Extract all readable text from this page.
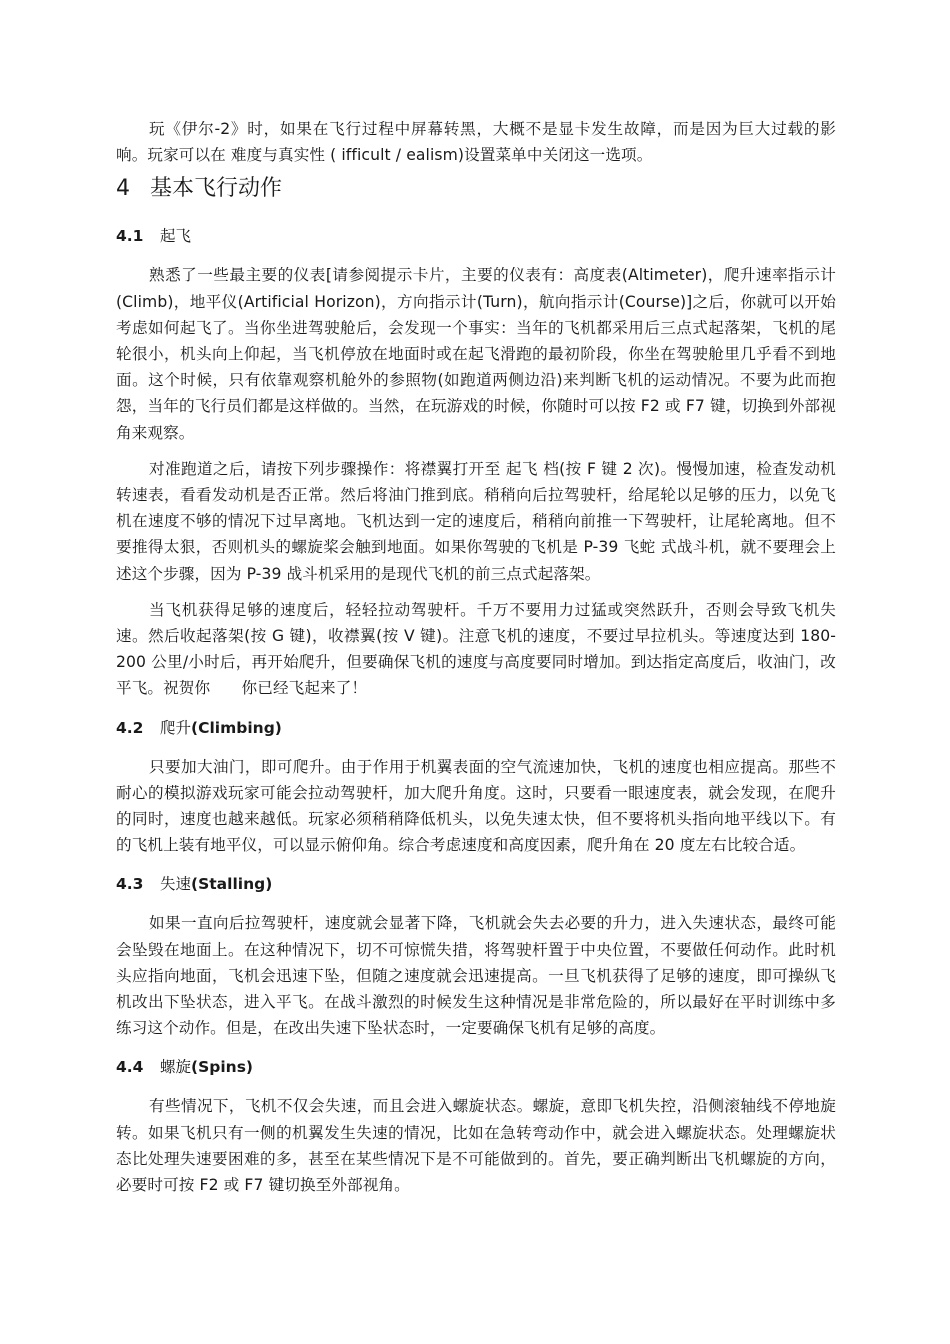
玩《伊尔-2》时，如果在飞行过程中屏幕转黑，大概不是显卡发生故障，而是因为巨大过载的影响。玩家可以在 难度与真实性 ( ifficult / ealism)设置菜单中关闭这一选项。

4 基本飞行动作
4.1 起飞

熟悉了一些最主要的仪表[请参阅提示卡片，主要的仪表有：高度表(Altimeter)，爬升速率指示计(Climb)，地平仪(Artificial Horizon)，方向指示计(Turn)，航向指示计(Course)]之后，你就可以开始考虑如何起飞了。当你坐进驾驶舱后，会发现一个事实：当年的飞机都采用后三点式起落架，飞机的尾轮很小，机头向上仰起，当飞机停放在地面时或在起飞滑跑的最初阶段，你坐在驾驶舱里几乎看不到地面。这个时候，只有依靠观察机舱外的参照物(如跑道两侧边沿)来判断飞机的运动情况。不要为此而抱怨，当年的飞行员们都是这样做的。当然，在玩游戏的时候，你随时可以按 F2 或 F7 键，切换到外部视角来观察。

对准跑道之后，请按下列步骤操作：将襟翼打开至 起飞 档(按 F 键 2 次)。慢慢加速，检查发动机转速表，看看发动机是否正常。然后将油门推到底。稍稍向后拉驾驶杆，给尾轮以足够的压力，以免飞机在速度不够的情况下过早离地。飞机达到一定的速度后，稍稍向前推一下驾驶杆，让尾轮离地。但不要推得太狠，否则机头的螺旋桨会触到地面。如果你驾驶的飞机是 P-39 飞蛇 式战斗机，就不要理会上述这个步骤，因为 P-39 战斗机采用的是现代飞机的前三点式起落架。

当飞机获得足够的速度后，轻轻拉动驾驶杆。千万不要用力过猛或突然跃升，否则会导致飞机失速。然后收起落架(按 G 键)，收襟翼(按 V 键)。注意飞机的速度，不要过早拉机头。等速度达到 180-200 公里/小时后，再开始爬升，但要确保飞机的速度与高度要同时增加。到达指定高度后，收油门，改平飞。祝贺你　　你已经飞起来了！

4.2 爬升(Climbing)

只要加大油门，即可爬升。由于作用于机翼表面的空气流速加快，飞机的速度也相应提高。那些不耐心的模拟游戏玩家可能会拉动驾驶杆，加大爬升角度。这时，只要看一眼速度表，就会发现，在爬升的同时，速度也越来越低。玩家必须稍稍降低机头，以免失速太快，但不要将机头指向地平线以下。有的飞机上装有地平仪，可以显示俯仰角。综合考虑速度和高度因素，爬升角在 20 度左右比较合适。

4.3 失速(Stalling)

如果一直向后拉驾驶杆，速度就会显著下降，飞机就会失去必要的升力，进入失速状态，最终可能会坠毁在地面上。在这种情况下，切不可惊慌失措，将驾驶杆置于中央位置，不要做任何动作。此时机头应指向地面，飞机会迅速下坠，但随之速度就会迅速提高。一旦飞机获得了足够的速度，即可操纵飞机改出下坠状态，进入平飞。在战斗激烈的时候发生这种情况是非常危险的，所以最好在平时训练中多练习这个动作。但是，在改出失速下坠状态时，一定要确保飞机有足够的高度。

4.4 螺旋(Spins)

有些情况下，飞机不仅会失速，而且会进入螺旋状态。螺旋，意即飞机失控，沿侧滚轴线不停地旋转。如果飞机只有一侧的机翼发生失速的情况，比如在急转弯动作中，就会进入螺旋状态。处理螺旋状态比处理失速要困难的多，甚至在某些情况下是不可能做到的。首先，要正确判断出飞机螺旋的方向，必要时可按 F2 或 F7 键切换至外部视角。
